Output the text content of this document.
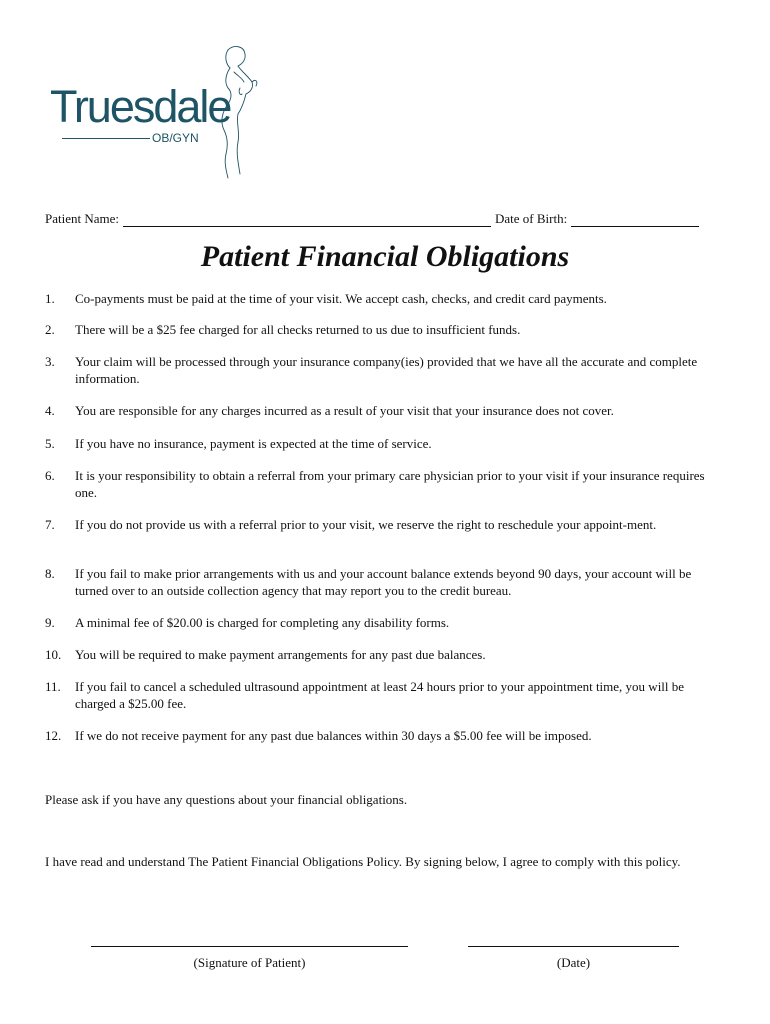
Truesdale
OB/GYN
Patient Name:	Date of Birth:
Patient Financial Obligations
1. Co-payments must be paid at the time of your visit. We accept cash, checks, and credit card payments.
2. There will be a $25 fee charged for all checks returned to us due to insufficient funds.
3. Your claim will be processed through your insurance company(ies) provided that we have all the accurate and complete information.
4. You are responsible for any charges incurred as a result of your visit that your insurance does not cover.
5. If you have no insurance, payment is expected at the time of service.
6. It is your responsibility to obtain a referral from your primary care physician prior to your visit if your insurance requires one.
7. If you do not provide us with a referral prior to your visit, we reserve the right to reschedule your appoint-ment.
8. If you fail to make prior arrangements with us and your account balance extends beyond 90 days, your account will be turned over to an outside collection agency that may report you to the credit bureau.
9. A minimal fee of $20.00 is charged for completing any disability forms.
10. You will be required to make payment arrangements for any past due balances.
11. If you fail to cancel a scheduled ultrasound appointment at least 24 hours prior to your appointment time, you will be charged a $25.00 fee.
12. If we do not receive payment for any past due balances within 30 days a $5.00 fee will be imposed.
Please ask if you have any questions about your financial obligations.
I have read and understand The Patient Financial Obligations Policy. By signing below, I agree to comply with this policy.
(Signature of Patient)	(Date)
